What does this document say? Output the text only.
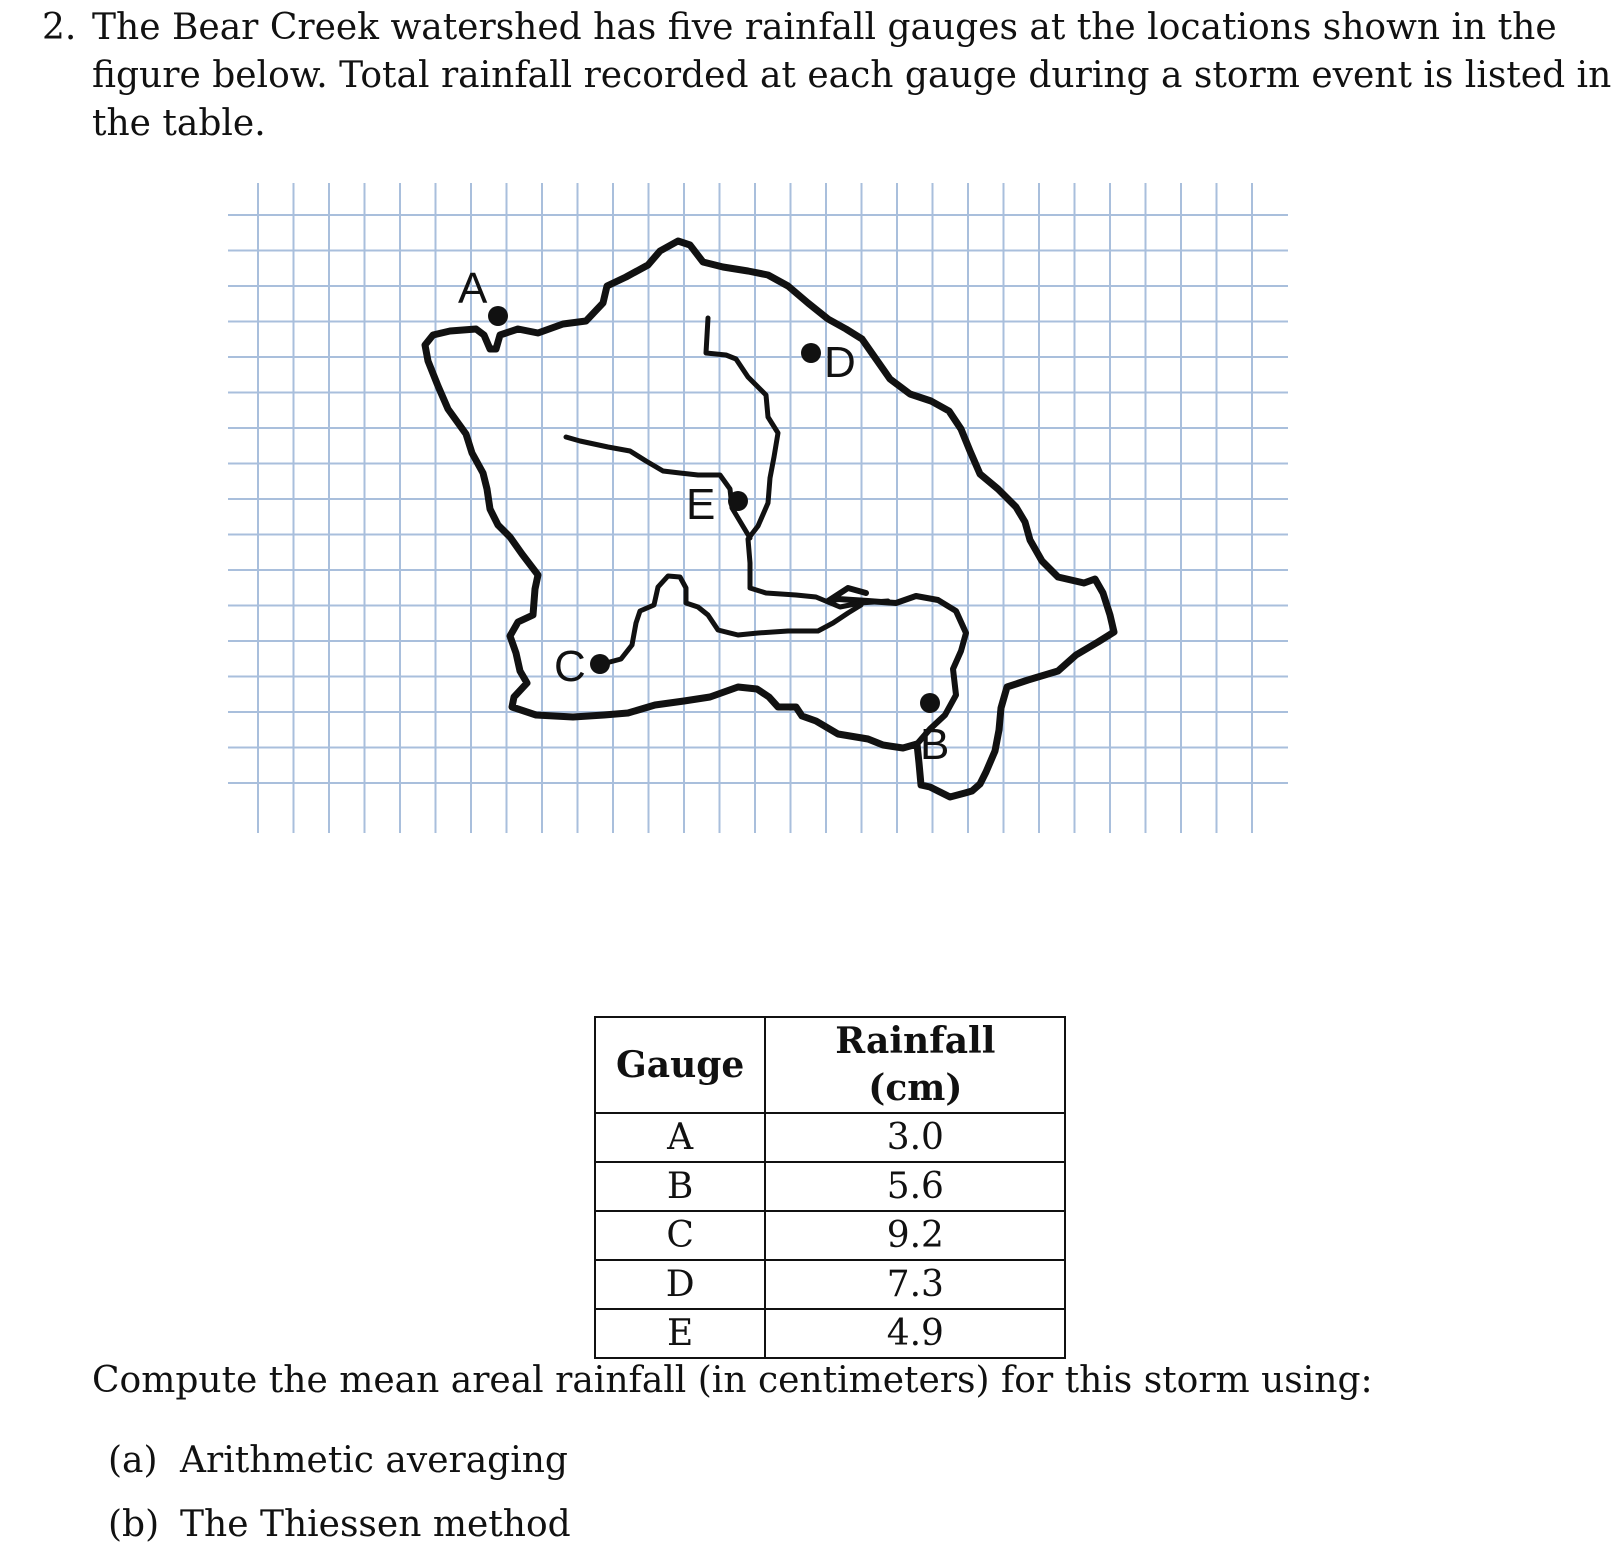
2. The Bear Creek watershed has five rainfall gauges at the locations shown in the figure below. Total rainfall recorded at each gauge during a storm event is listed in the table.
A
B
C
D
E
Gauge	Rainfall (cm)
A	3.0
B	5.6
C	9.2
D	7.3
E	4.9
Compute the mean areal rainfall (in centimeters) for this storm using:
(a) Arithmetic averaging
(b) The Thiessen method
